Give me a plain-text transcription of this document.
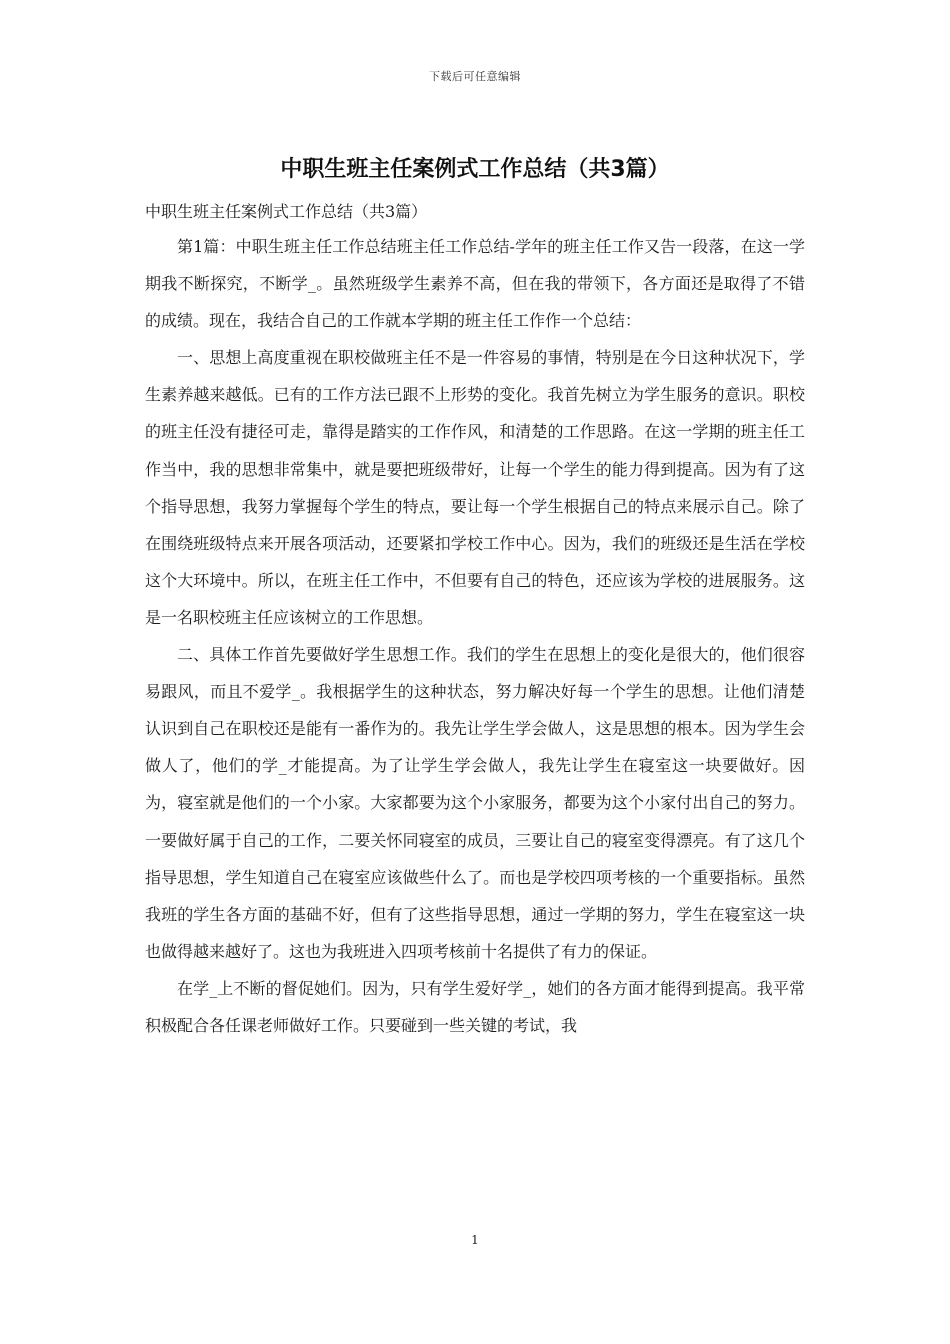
下载后可任意编辑
中职生班主任案例式工作总结（共3篇）

中职生班主任案例式工作总结（共3篇）

第1篇：中职生班主任工作总结班主任工作总结-学年的班主任工作又告一段落，在这一学期我不断探究，不断学_。虽然班级学生素养不高，但在我的带领下，各方面还是取得了不错的成绩。现在，我结合自己的工作就本学期的班主任工作作一个总结：

一、思想上高度重视在职校做班主任不是一件容易的事情，特别是在今日这种状况下，学生素养越来越低。已有的工作方法已跟不上形势的变化。我首先树立为学生服务的意识。职校的班主任没有捷径可走，靠得是踏实的工作作风，和清楚的工作思路。在这一学期的班主任工作当中，我的思想非常集中，就是要把班级带好，让每一个学生的能力得到提高。因为有了这个指导思想，我努力掌握每个学生的特点，要让每一个学生根据自己的特点来展示自己。除了在围绕班级特点来开展各项活动，还要紧扣学校工作中心。因为，我们的班级还是生活在学校这个大环境中。所以，在班主任工作中，不但要有自己的特色，还应该为学校的进展服务。这是一名职校班主任应该树立的工作思想。

二、具体工作首先要做好学生思想工作。我们的学生在思想上的变化是很大的，他们很容易跟风，而且不爱学_。我根据学生的这种状态，努力解决好每一个学生的思想。让他们清楚认识到自己在职校还是能有一番作为的。我先让学生学会做人，这是思想的根本。因为学生会做人了，他们的学_才能提高。为了让学生学会做人，我先让学生在寝室这一块要做好。因为，寝室就是他们的一个小家。大家都要为这个小家服务，都要为这个小家付出自己的努力。一要做好属于自己的工作，二要关怀同寝室的成员，三要让自己的寝室变得漂亮。有了这几个指导思想，学生知道自己在寝室应该做些什么了。而也是学校四项考核的一个重要指标。虽然我班的学生各方面的基础不好，但有了这些指导思想，通过一学期的努力，学生在寝室这一块也做得越来越好了。这也为我班进入四项考核前十名提供了有力的保证。

在学_上不断的督促她们。因为，只有学生爱好学_，她们的各方面才能得到提高。我平常积极配合各任课老师做好工作。只要碰到一些关键的考试，我

1
